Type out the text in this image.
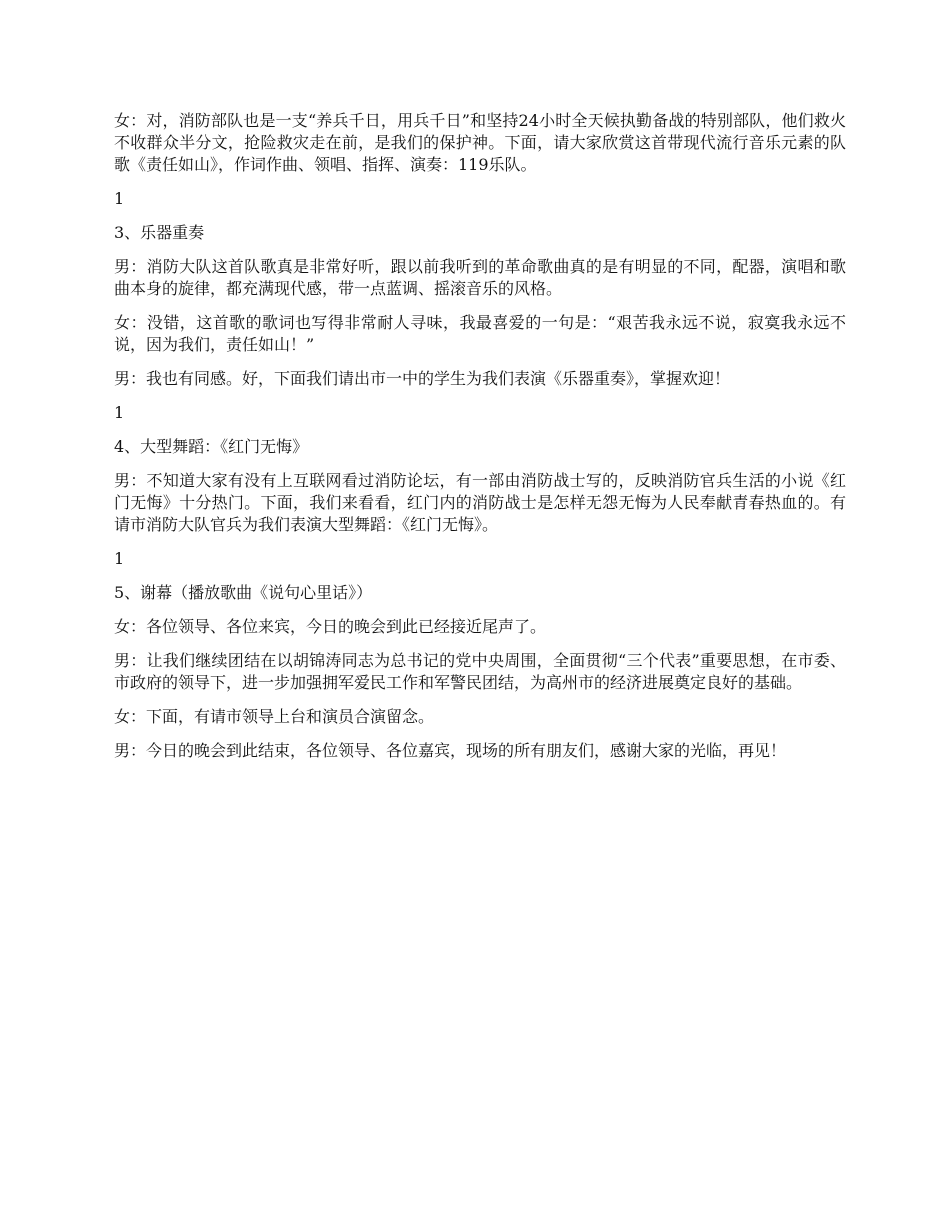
女：对，消防部队也是一支“养兵千日，用兵千日”和坚持24小时全天候执勤备战的特别部队，他们救火不收群众半分文，抢险救灾走在前，是我们的保护神。下面，请大家欣赏这首带现代流行音乐元素的队歌《责任如山》，作词作曲、领唱、指挥、演奏：119乐队。

1

3、乐器重奏

男：消防大队这首队歌真是非常好听，跟以前我听到的革命歌曲真的是有明显的不同，配器，演唱和歌曲本身的旋律，都充满现代感，带一点蓝调、摇滚音乐的风格。

女：没错，这首歌的歌词也写得非常耐人寻味，我最喜爱的一句是：“艰苦我永远不说，寂寞我永远不说，因为我们，责任如山！”

男：我也有同感。好，下面我们请出市一中的学生为我们表演《乐器重奏》，掌握欢迎！

1

4、大型舞蹈：《红门无悔》

男：不知道大家有没有上互联网看过消防论坛，有一部由消防战士写的，反映消防官兵生活的小说《红门无悔》十分热门。下面，我们来看看，红门内的消防战士是怎样无怨无悔为人民奉献青春热血的。有请市消防大队官兵为我们表演大型舞蹈：《红门无悔》。

1

5、谢幕（播放歌曲《说句心里话》）

女：各位领导、各位来宾，今日的晚会到此已经接近尾声了。

男：让我们继续团结在以胡锦涛同志为总书记的党中央周围，全面贯彻“三个代表”重要思想，在市委、市政府的领导下，进一步加强拥军爱民工作和军警民团结，为高州市的经济进展奠定良好的基础。

女：下面，有请市领导上台和演员合演留念。

男：今日的晚会到此结束，各位领导、各位嘉宾，现场的所有朋友们，感谢大家的光临，再见！
